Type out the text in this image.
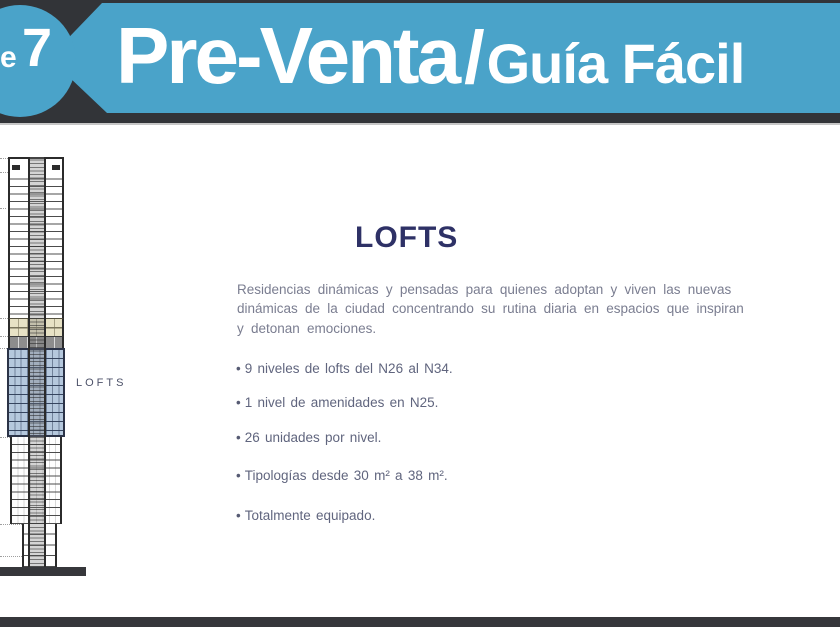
e 7 Pre-Venta / Guía Fácil
LOFTS
LOFTS
Residencias dinámicas y pensadas para quienes adoptan y viven las nuevas
dinámicas de la ciudad concentrando su rutina diaria en espacios que inspiran
y detonan emociones.
• 9 niveles de lofts del N26 al N34.
• 1 nivel de amenidades en N25.
• 26 unidades por nivel.
• Tipologías desde 30 m² a 38 m².
• Totalmente equipado.
